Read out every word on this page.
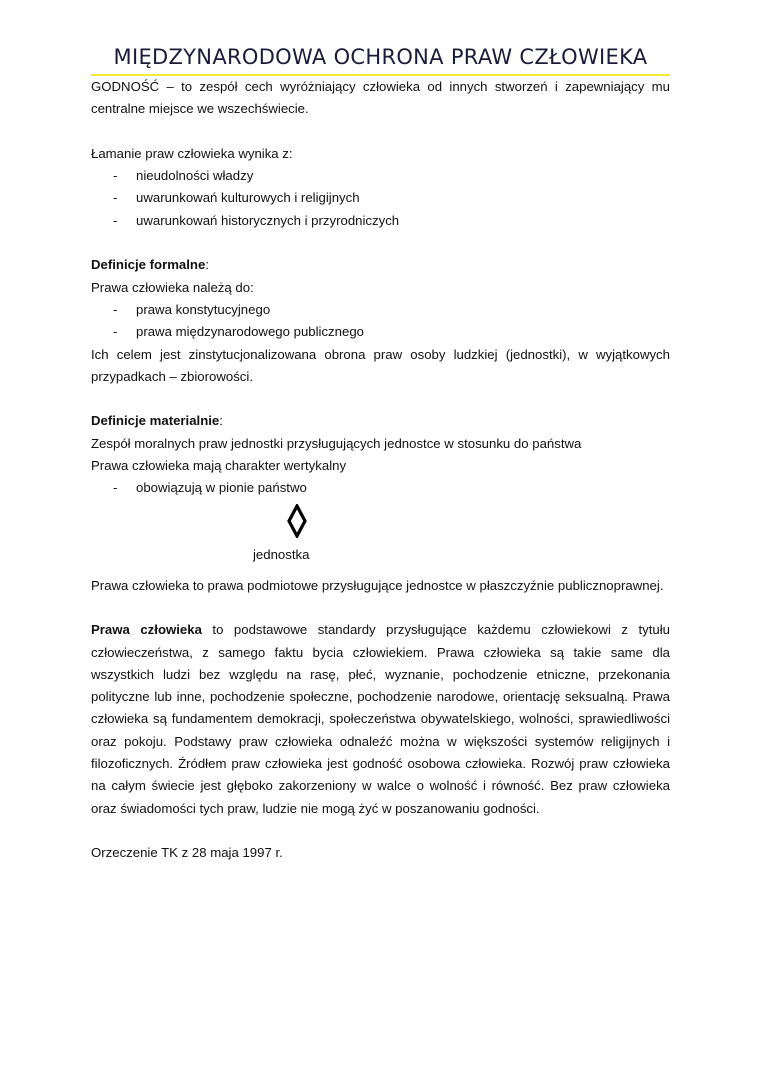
MIĘDZYNARODOWA OCHRONA PRAW CZŁOWIEKA

GODNOŚĆ – to zespół cech wyróżniający człowieka od innych stworzeń i zapewniający mu centralne miejsce we wszechświecie.

Łamanie praw człowieka wynika z:

- nieudolności władzy
- uwarunkowań kulturowych i religijnych
- uwarunkowań historycznych i przyrodniczych

Definicje formalne:

Prawa człowieka należą do:

- prawa konstytucyjnego
- prawa międzynarodowego publicznego

Ich celem jest zinstytucjonalizowana obrona praw osoby ludzkiej (jednostki), w wyjątkowych przypadkach – zbiorowości.

Definicje materialnie:

Zespół moralnych praw jednostki przysługujących jednostce w stosunku do państwa

Prawa człowieka mają charakter wertykalny

- obowiązują w pionie państwo
jednostka

Prawa człowieka to prawa podmiotowe przysługujące jednostce w płaszczyźnie publicznoprawnej.

Prawa człowieka to podstawowe standardy przysługujące każdemu człowiekowi z tytułu człowieczeństwa, z samego faktu bycia człowiekiem. Prawa człowieka są takie same dla wszystkich ludzi bez względu na rasę, płeć, wyznanie, pochodzenie etniczne, przekonania polityczne lub inne, pochodzenie społeczne, pochodzenie narodowe, orientację seksualną. Prawa człowieka są fundamentem demokracji, społeczeństwa obywatelskiego, wolności, sprawiedliwości oraz pokoju. Podstawy praw człowieka odnaleźć można w większości systemów religijnych i filozoficznych. Źródłem praw człowieka jest godność osobowa człowieka. Rozwój praw człowieka na całym świecie jest głęboko zakorzeniony w walce o wolność i równość. Bez praw człowieka oraz świadomości tych praw, ludzie nie mogą żyć w poszanowaniu godności.

Orzeczenie TK z 28 maja 1997 r.
